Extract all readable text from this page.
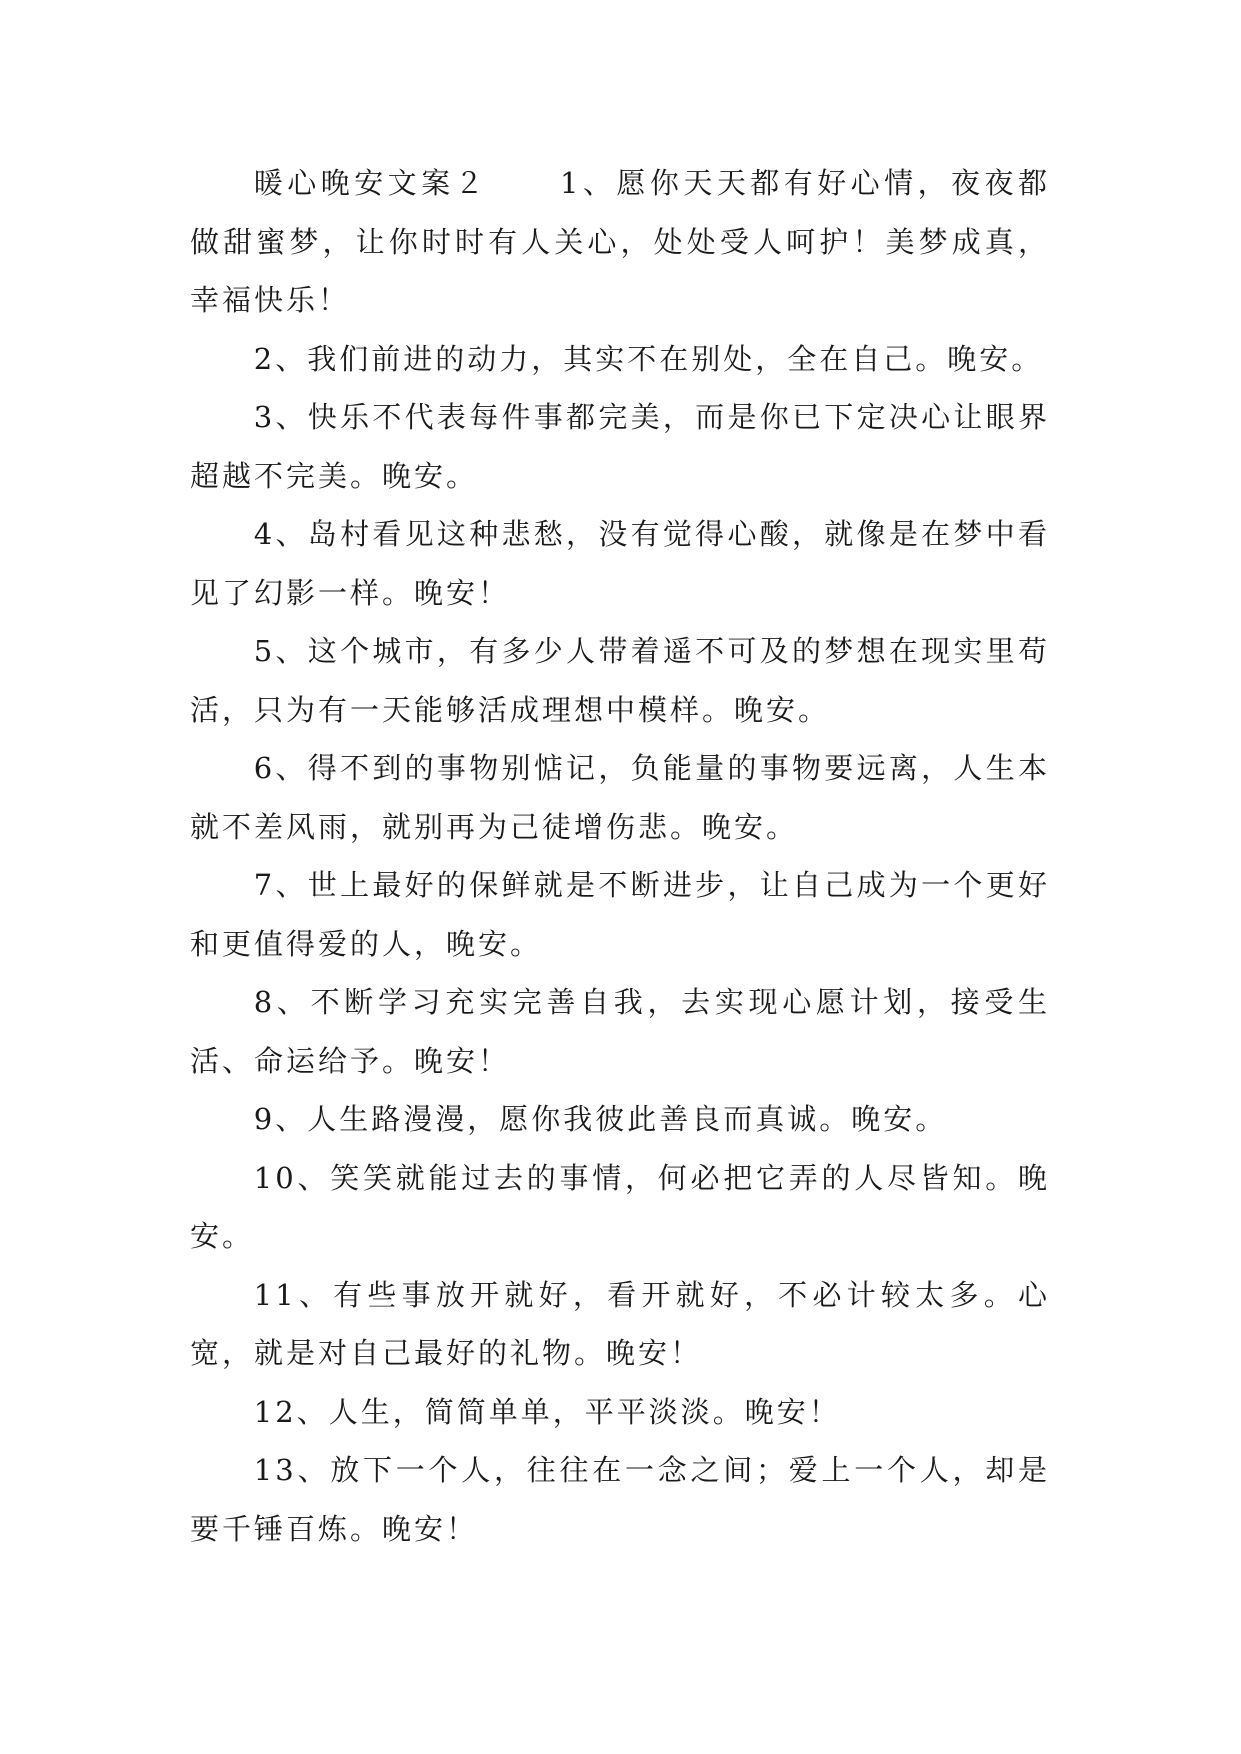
暖心晚安文案２ 1、愿你天天都有好心情，夜夜都做甜蜜梦，让你时时有人关心，处处受人呵护！美梦成真，幸福快乐！

2、我们前进的动力，其实不在别处，全在自己。晚安。

3、快乐不代表每件事都完美，而是你已下定决心让眼界超越不完美。晚安。

4、岛村看见这种悲愁，没有觉得心酸，就像是在梦中看见了幻影一样。晚安！

5、这个城市，有多少人带着遥不可及的梦想在现实里苟活，只为有一天能够活成理想中模样。晚安。

6、得不到的事物别惦记，负能量的事物要远离，人生本就不差风雨，就别再为己徒增伤悲。晚安。

7、世上最好的保鲜就是不断进步，让自己成为一个更好和更值得爱的人，晚安。

8、不断学习充实完善自我，去实现心愿计划，接受生活、命运给予。晚安！

9、人生路漫漫，愿你我彼此善良而真诚。晚安。

10、笑笑就能过去的事情，何必把它弄的人尽皆知。晚安。

11、有些事放开就好，看开就好，不必计较太多。心宽，就是对自己最好的礼物。晚安！

12、人生，简简单单，平平淡淡。晚安！

13、放下一个人，往往在一念之间；爱上一个人，却是要千锤百炼。晚安！
